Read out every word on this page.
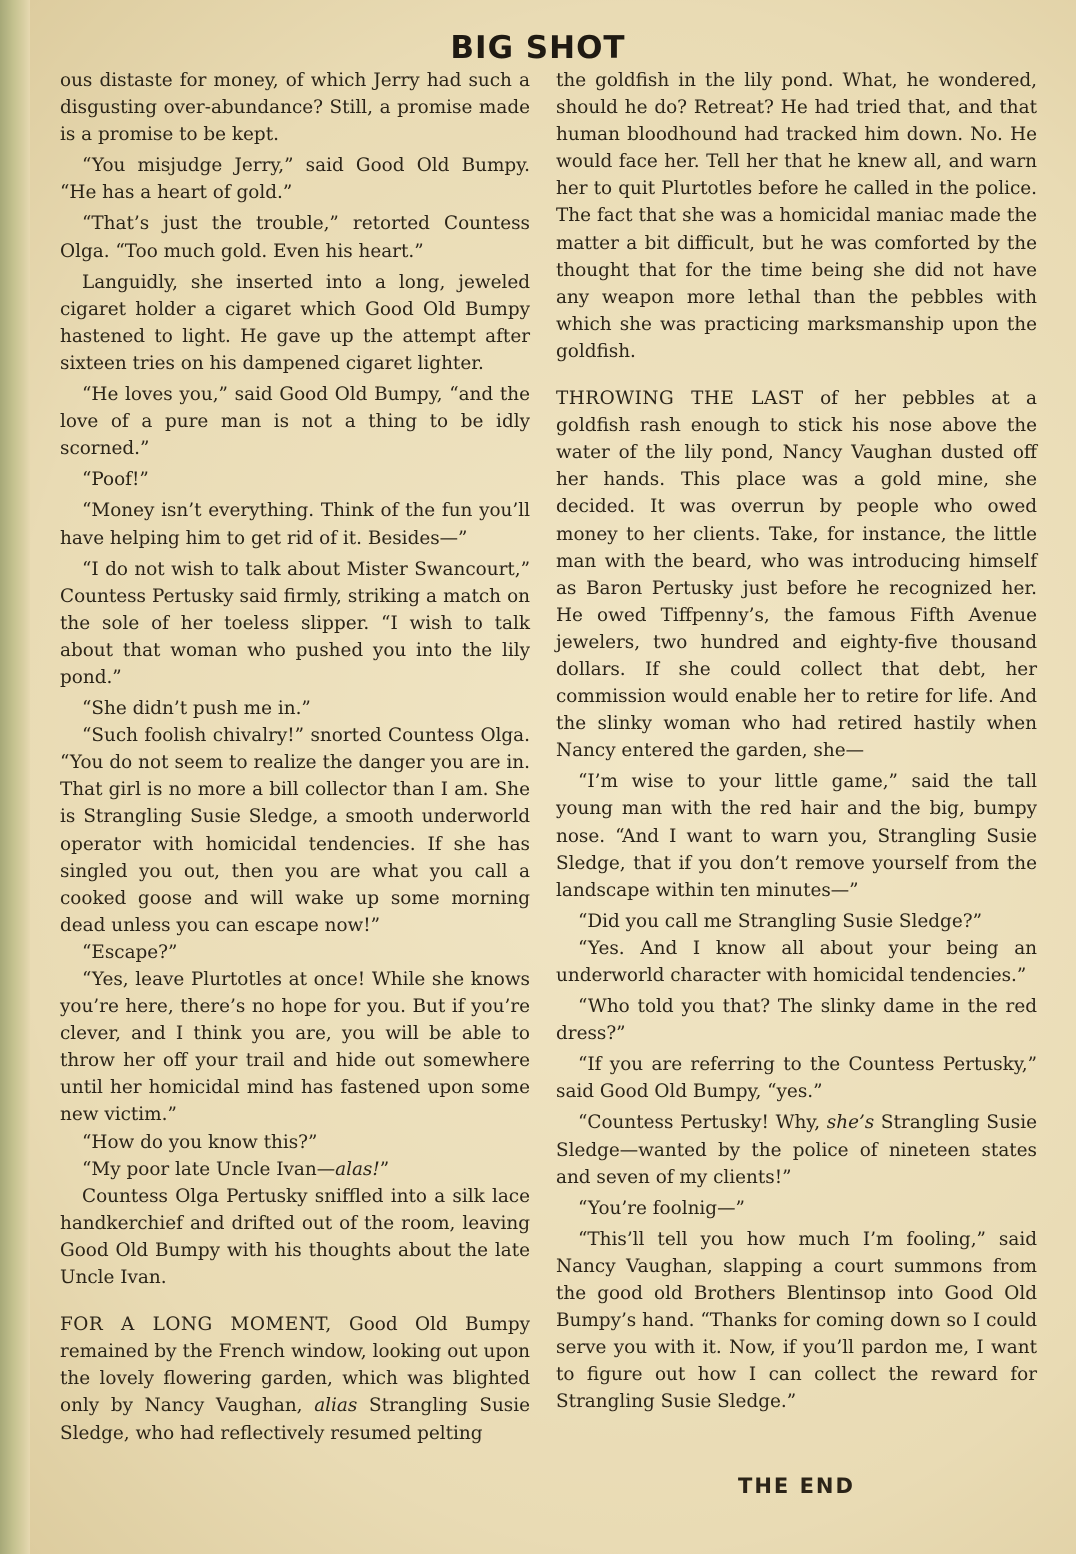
BIG SHOT

ous distaste for money, of which Jerry had such a disgusting over-abundance? Still, a promise made is a promise to be kept.

“You misjudge Jerry,” said Good Old Bumpy. “He has a heart of gold.”

“That’s just the trouble,” retorted Countess Olga. “Too much gold. Even his heart.”

Languidly, she inserted into a long, jeweled cigaret holder a cigaret which Good Old Bumpy hastened to light. He gave up the attempt after sixteen tries on his dampened cigaret lighter.

“He loves you,” said Good Old Bumpy, “and the love of a pure man is not a thing to be idly scorned.”

“Poof!”

“Money isn’t everything. Think of the fun you’ll have helping him to get rid of it. Besides—”

“I do not wish to talk about Mister Swancourt,” Countess Pertusky said firmly, striking a match on the sole of her toeless slipper. “I wish to talk about that woman who pushed you into the lily pond.”

“She didn’t push me in.”

“Such foolish chivalry!” snorted Countess Olga. “You do not seem to realize the danger you are in. That girl is no more a bill collector than I am. She is Strangling Susie Sledge, a smooth underworld operator with homicidal tendencies. If she has singled you out, then you are what you call a cooked goose and will wake up some morning dead unless you can escape now!”

“Escape?”

“Yes, leave Plurtotles at once! While she knows you’re here, there’s no hope for you. But if you’re clever, and I think you are, you will be able to throw her off your trail and hide out somewhere until her homicidal mind has fastened upon some new victim.”

“How do you know this?”

“My poor late Uncle Ivan—alas!”

Countess Olga Pertusky sniffled into a silk lace handkerchief and drifted out of the room, leaving Good Old Bumpy with his thoughts about the late Uncle Ivan.

FOR A LONG MOMENT, Good Old Bumpy remained by the French window, looking out upon the lovely flowering garden, which was blighted only by Nancy Vaughan, alias Strangling Susie Sledge, who had reflectively resumed pelting

the goldfish in the lily pond. What, he wondered, should he do? Retreat? He had tried that, and that human bloodhound had tracked him down. No. He would face her. Tell her that he knew all, and warn her to quit Plurtotles before he called in the police. The fact that she was a homicidal maniac made the matter a bit difficult, but he was comforted by the thought that for the time being she did not have any weapon more lethal than the pebbles with which she was practicing marksmanship upon the goldfish.

THROWING THE LAST of her pebbles at a goldfish rash enough to stick his nose above the water of the lily pond, Nancy Vaughan dusted off her hands. This place was a gold mine, she decided. It was overrun by people who owed money to her clients. Take, for instance, the little man with the beard, who was introducing himself as Baron Pertusky just before he recognized her. He owed Tiffpenny’s, the famous Fifth Avenue jewelers, two hundred and eighty-five thousand dollars. If she could collect that debt, her commission would enable her to retire for life. And the slinky woman who had retired hastily when Nancy entered the garden, she—

“I’m wise to your little game,” said the tall young man with the red hair and the big, bumpy nose. “And I want to warn you, Strangling Susie Sledge, that if you don’t remove yourself from the landscape within ten minutes—”

“Did you call me Strangling Susie Sledge?”

“Yes. And I know all about your being an underworld character with homicidal tendencies.”

“Who told you that? The slinky dame in the red dress?”

“If you are referring to the Countess Pertusky,” said Good Old Bumpy, “yes.”

“Countess Pertusky! Why, she’s Strangling Susie Sledge—wanted by the police of nineteen states and seven of my clients!”

“You’re foolnig—”

“This’ll tell you how much I’m fooling,” said Nancy Vaughan, slapping a court summons from the good old Brothers Blentinsop into Good Old Bumpy’s hand. “Thanks for coming down so I could serve you with it. Now, if you’ll pardon me, I want to figure out how I can collect the reward for Strangling Susie Sledge.”

THE END
